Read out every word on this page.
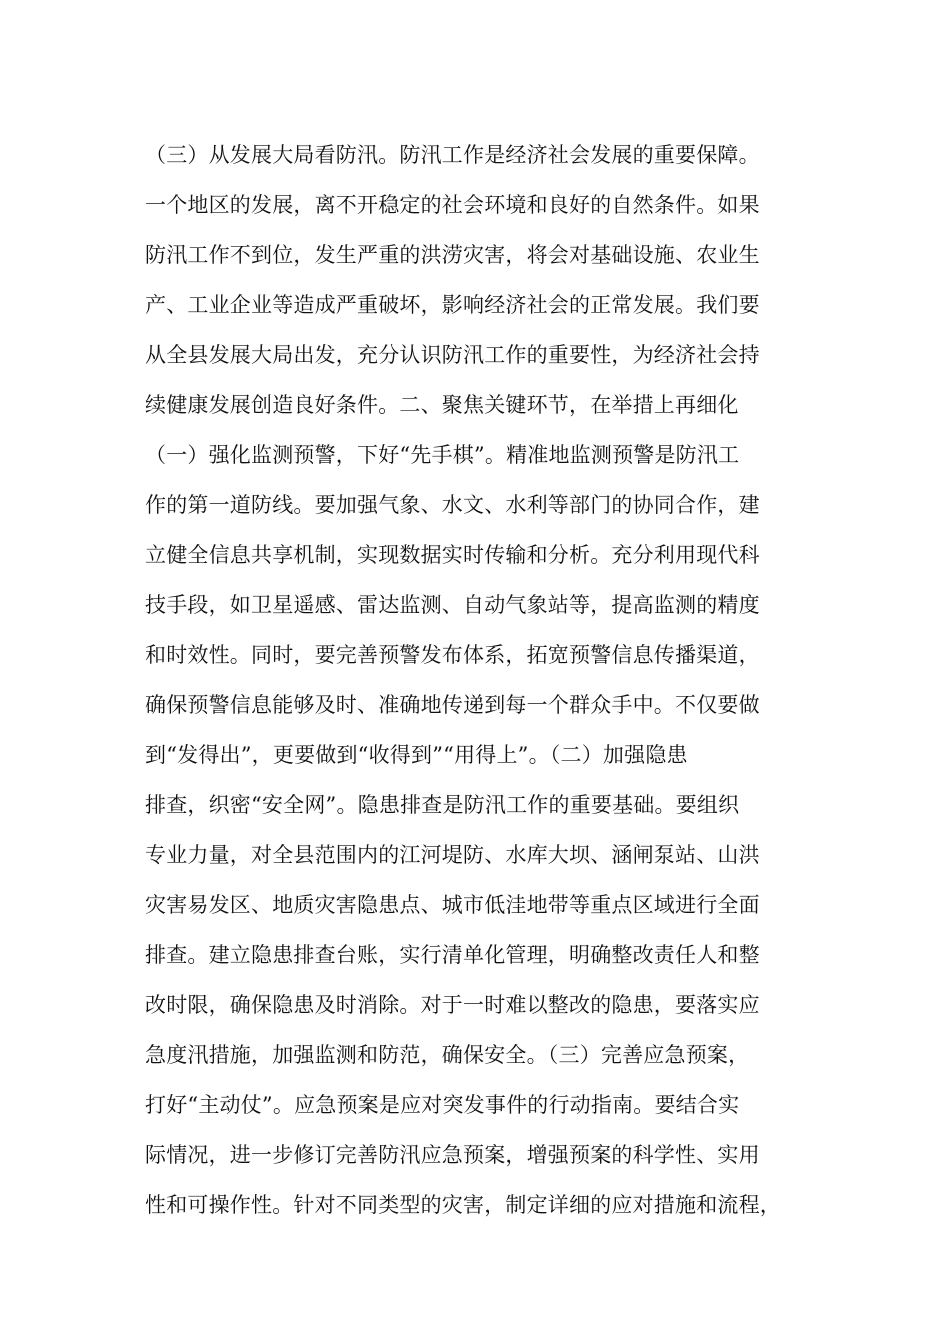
（三）从发展大局看防汛。防汛工作是经济社会发展的重要保障。
一个地区的发展，离不开稳定的社会环境和良好的自然条件。如果
防汛工作不到位，发生严重的洪涝灾害，将会对基础设施、农业生
产、工业企业等造成严重破坏，影响经济社会的正常发展。我们要
从全县发展大局出发，充分认识防汛工作的重要性，为经济社会持
续健康发展创造良好条件。二、聚焦关键环节，在举措上再细化
（一）强化监测预警，下好“先手棋”。精准地监测预警是防汛工
作的第一道防线。要加强气象、水文、水利等部门的协同合作，建
立健全信息共享机制，实现数据实时传输和分析。充分利用现代科
技手段，如卫星遥感、雷达监测、自动气象站等，提高监测的精度
和时效性。同时，要完善预警发布体系，拓宽预警信息传播渠道，
确保预警信息能够及时、准确地传递到每一个群众手中。不仅要做
到“发得出”，更要做到“收得到”“用得上”。（二）加强隐患
排查，织密“安全网”。隐患排查是防汛工作的重要基础。要组织
专业力量，对全县范围内的江河堤防、水库大坝、涵闸泵站、山洪
灾害易发区、地质灾害隐患点、城市低洼地带等重点区域进行全面
排查。建立隐患排查台账，实行清单化管理，明确整改责任人和整
改时限，确保隐患及时消除。对于一时难以整改的隐患，要落实应
急度汛措施，加强监测和防范，确保安全。（三）完善应急预案，
打好“主动仗”。应急预案是应对突发事件的行动指南。要结合实
际情况，进一步修订完善防汛应急预案，增强预案的科学性、实用
性和可操作性。针对不同类型的灾害，制定详细的应对措施和流程，
